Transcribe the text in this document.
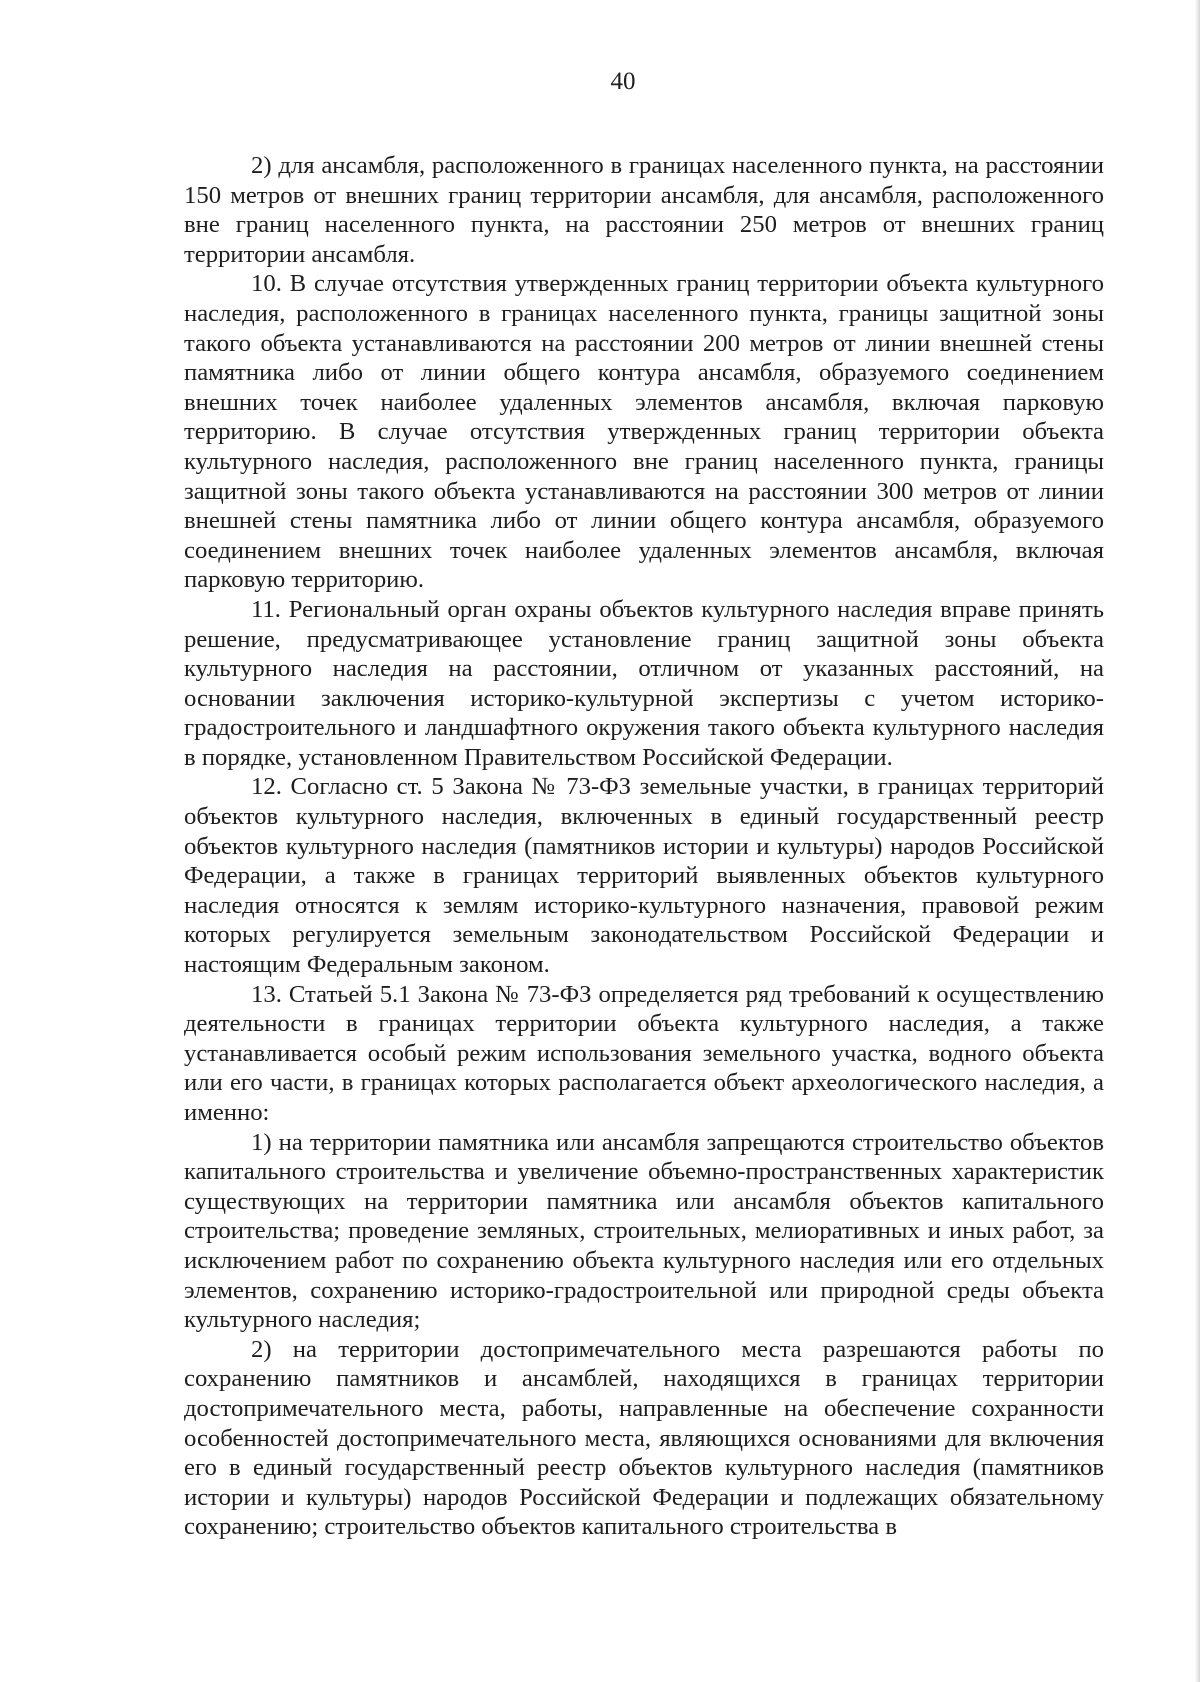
40

2) для ансамбля, расположенного в границах населенного пункта, на расстоянии 150 метров от внешних границ территории ансамбля, для ансамбля, расположенного вне границ населенного пункта, на расстоянии 250 метров от внешних границ территории ансамбля.

10. В случае отсутствия утвержденных границ территории объекта культурного наследия, расположенного в границах населенного пункта, границы защитной зоны такого объекта устанавливаются на расстоянии 200 метров от линии внешней стены памятника либо от линии общего контура ансамбля, образуемого соединением внешних точек наиболее удаленных элементов ансамбля, включая парковую территорию. В случае отсутствия утвержденных границ территории объекта культурного наследия, расположенного вне границ населенного пункта, границы защитной зоны такого объекта устанавливаются на расстоянии 300 метров от линии внешней стены памятника либо от линии общего контура ансамбля, образуемого соединением внешних точек наиболее удаленных элементов ансамбля, включая парковую территорию.

11. Региональный орган охраны объектов культурного наследия вправе принять решение, предусматривающее установление границ защитной зоны объекта культурного наследия на расстоянии, отличном от указанных расстояний, на основании заключения историко-культурной экспертизы с учетом историко-градостроительного и ландшафтного окружения такого объекта культурного наследия в порядке, установленном Правительством Российской Федерации.

12. Согласно ст. 5 Закона № 73-ФЗ земельные участки, в границах территорий объектов культурного наследия, включенных в единый государственный реестр объектов культурного наследия (памятников истории и культуры) народов Российской Федерации, а также в границах территорий выявленных объектов культурного наследия относятся к землям историко-культурного назначения, правовой режим которых регулируется земельным законодательством Российской Федерации и настоящим Федеральным законом.

13. Статьей 5.1 Закона № 73-ФЗ определяется ряд требований к осуществлению деятельности в границах территории объекта культурного наследия, а также устанавливается особый режим использования земельного участка, водного объекта или его части, в границах которых располагается объект археологического наследия, а именно:

1) на территории памятника или ансамбля запрещаются строительство объектов капитального строительства и увеличение объемно-пространственных характеристик существующих на территории памятника или ансамбля объектов капитального строительства; проведение земляных, строительных, мелиоративных и иных работ, за исключением работ по сохранению объекта культурного наследия или его отдельных элементов, сохранению историко-градостроительной или природной среды объекта культурного наследия;

2) на территории достопримечательного места разрешаются работы по сохранению памятников и ансамблей, находящихся в границах территории достопримечательного места, работы, направленные на обеспечение сохранности особенностей достопримечательного места, являющихся основаниями для включения его в единый государственный реестр объектов культурного наследия (памятников истории и культуры) народов Российской Федерации и подлежащих обязательному сохранению; строительство объектов капитального строительства в
